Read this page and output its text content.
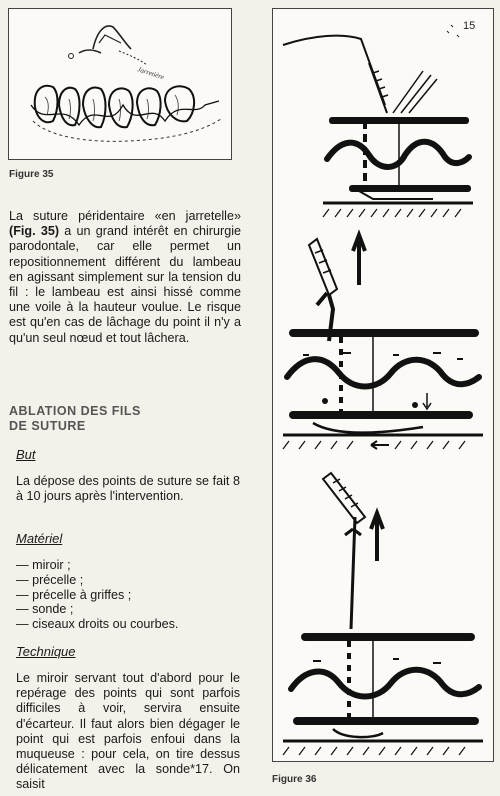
Jarretière
Figure 35
La suture péridentaire «en jarretelle» (Fig. 35) a un grand intérêt en chirurgie parodontale, car elle permet un repositionnement différent du lambeau en agissant simplement sur la tension du fil : le lambeau est ainsi hissé comme une voile à la hauteur voulue. Le risque est qu'en cas de lâchage du point il n'y a qu'un seul nœud et tout lâchera.
ABLATION DES FILS
DE SUTURE
But
La dépose des points de suture se fait 8 à 10 jours après l'intervention.
Matériel
— miroir ;
— précelle ;
— précelle à griffes ;
— sonde ;
— ciseaux droits ou courbes.
Technique
Le miroir servant tout d'abord pour le repérage des points qui sont parfois difficiles à voir, servira ensuite d'écarteur. Il faut alors bien dégager le point qui est parfois enfoui dans la muqueuse : pour cela, on tire dessus délicatement avec la sonde*17. On saisit
15
Figure 36
